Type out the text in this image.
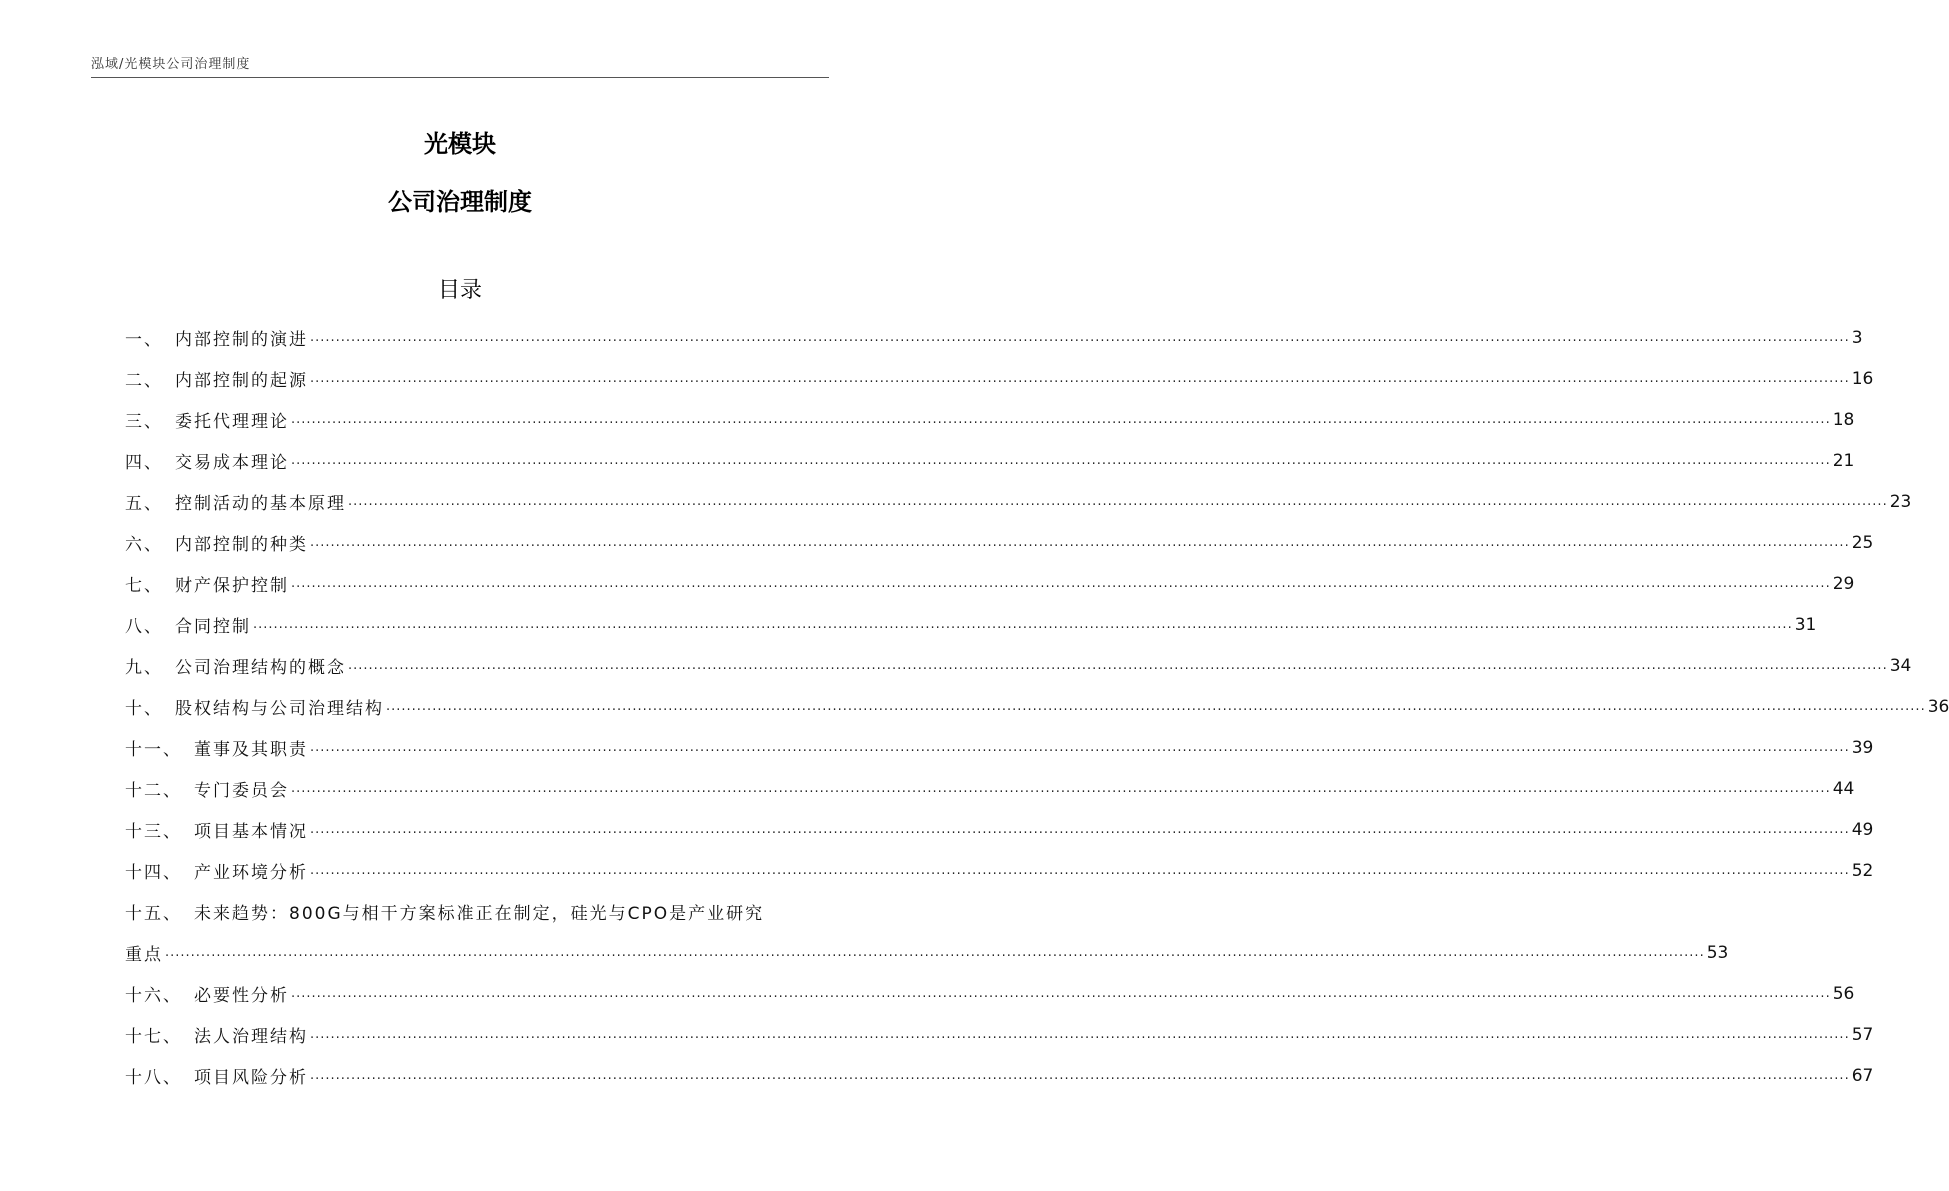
泓域/光模块公司治理制度
光模块
公司治理制度
目录
一、 内部控制的演进 ............................................................................................................................................................................................................................................................................................................ 3
二、 内部控制的起源 ............................................................................................................................................................................................................................................................................................................ 16
三、 委托代理理论 ............................................................................................................................................................................................................................................................................................................ 18
四、 交易成本理论 ............................................................................................................................................................................................................................................................................................................ 21
五、 控制活动的基本原理 ............................................................................................................................................................................................................................................................................................................ 23
六、 内部控制的种类 ............................................................................................................................................................................................................................................................................................................ 25
七、 财产保护控制 ............................................................................................................................................................................................................................................................................................................ 29
八、 合同控制 ............................................................................................................................................................................................................................................................................................................ 31
九、 公司治理结构的概念 ............................................................................................................................................................................................................................................................................................................ 34
十、 股权结构与公司治理结构 ............................................................................................................................................................................................................................................................................................................ 36
十一、 董事及其职责 ............................................................................................................................................................................................................................................................................................................ 39
十二、 专门委员会 ............................................................................................................................................................................................................................................................................................................ 44
十三、 项目基本情况 ............................................................................................................................................................................................................................................................................................................ 49
十四、 产业环境分析 ............................................................................................................................................................................................................................................................................................................ 52
十五、 未来趋势：800G与相干方案标准正在制定，硅光与CPO是产业研究
重点 ............................................................................................................................................................................................................................................................................................................ 53
十六、 必要性分析 ............................................................................................................................................................................................................................................................................................................ 56
十七、 法人治理结构 ............................................................................................................................................................................................................................................................................................................ 57
十八、 项目风险分析 ............................................................................................................................................................................................................................................................................................................ 67
